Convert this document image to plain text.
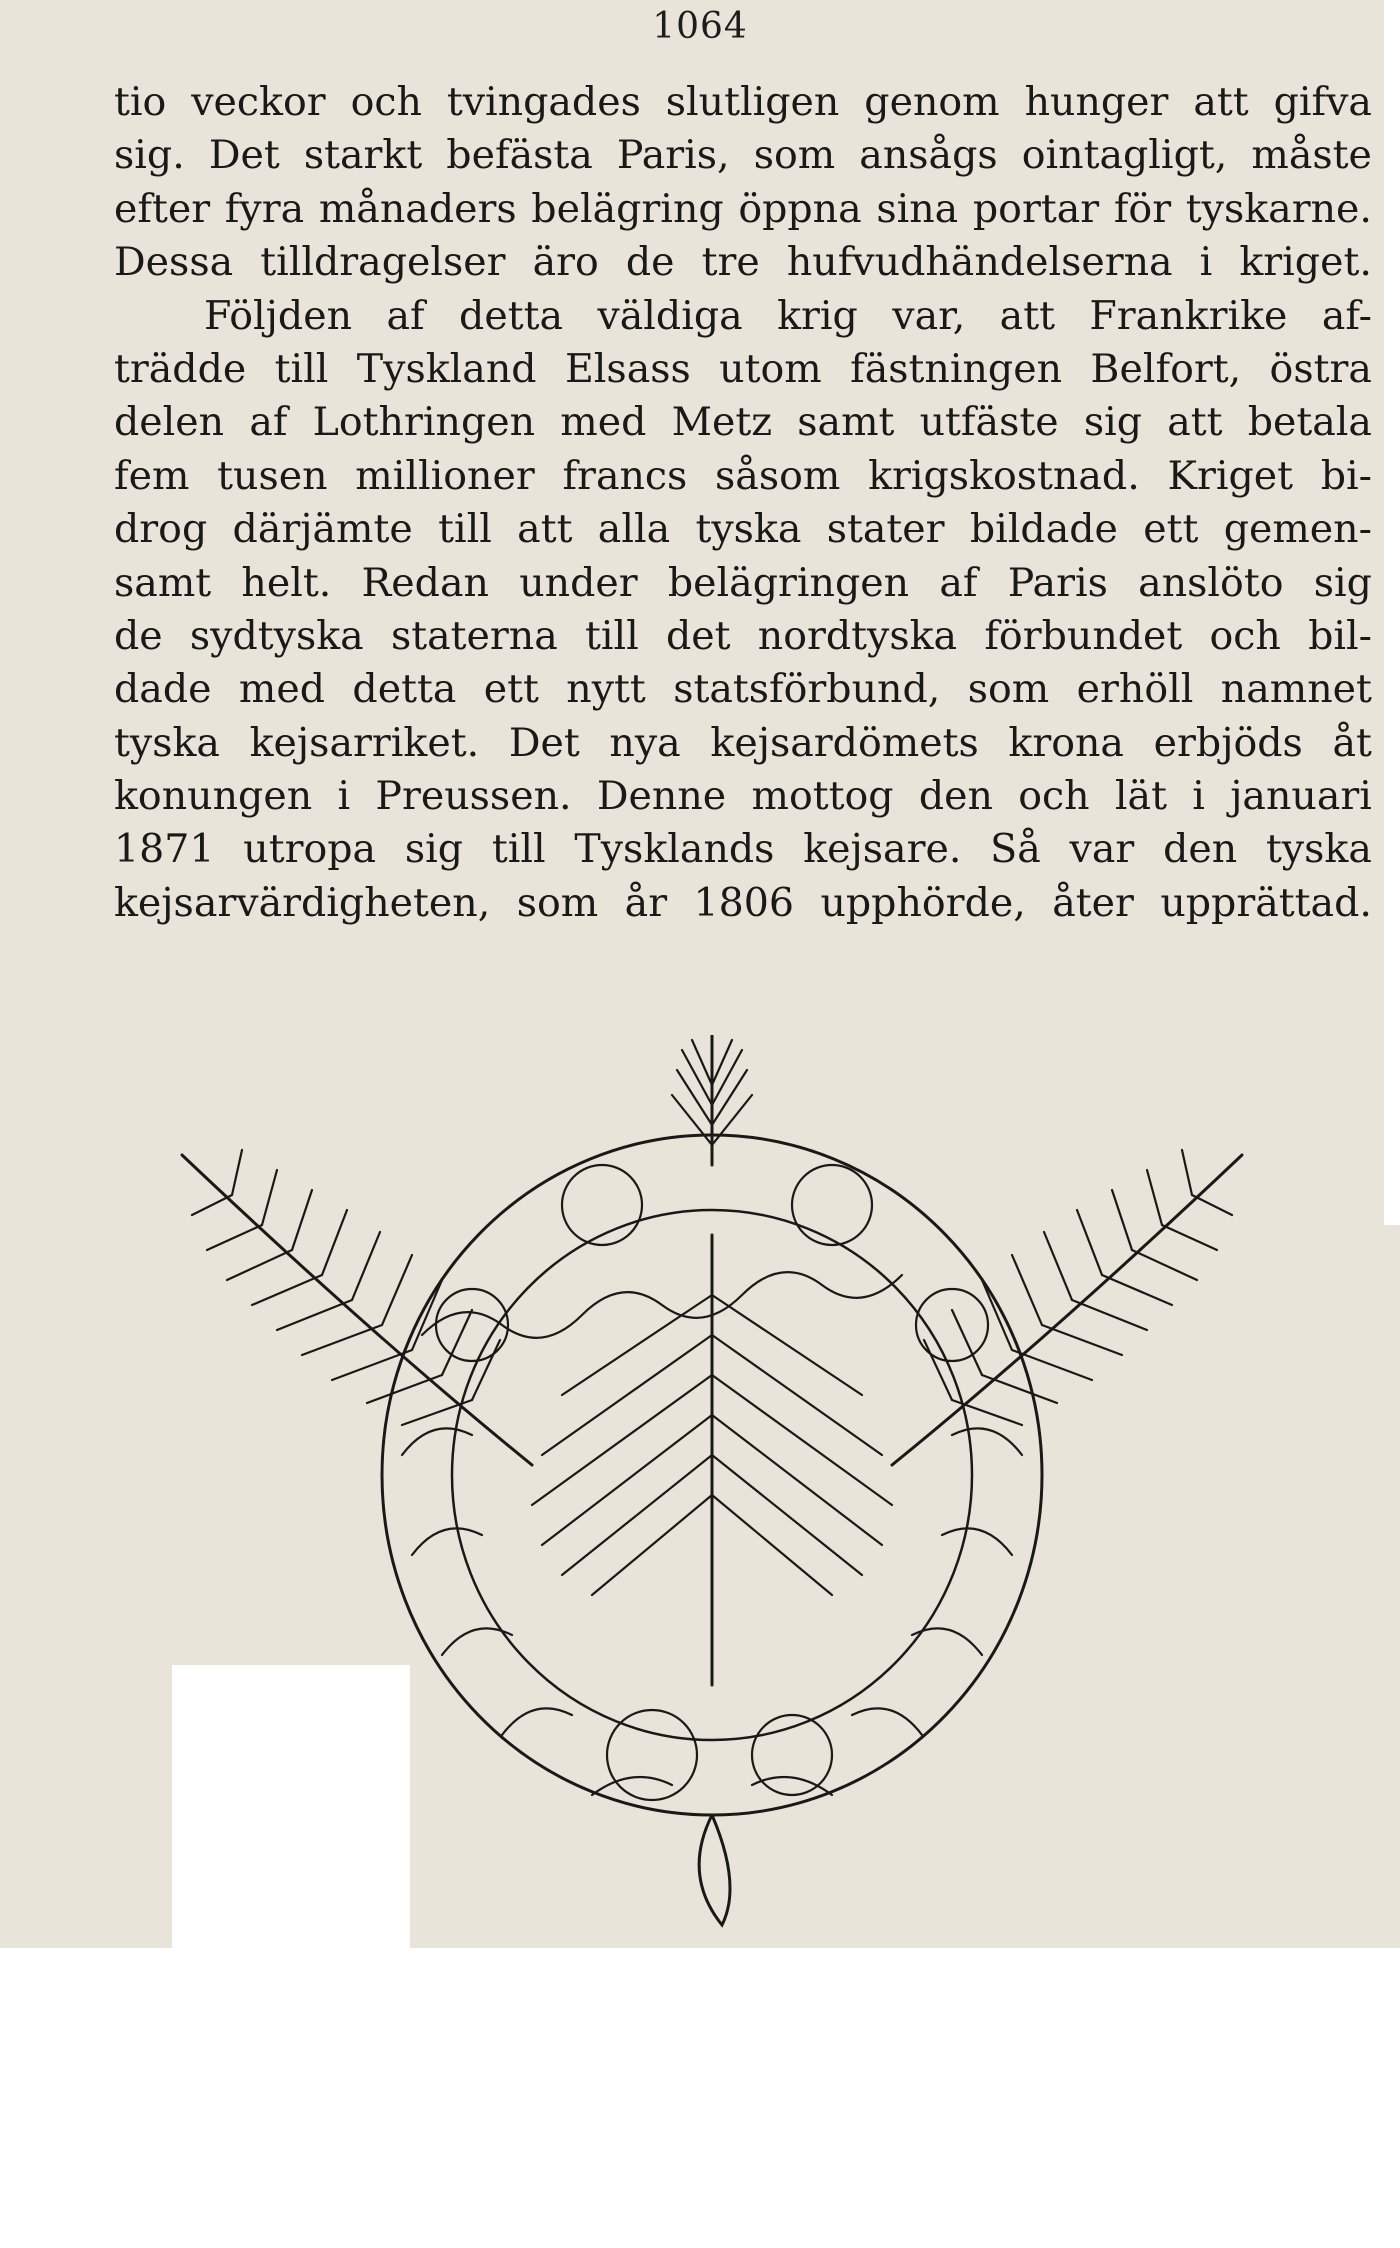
1064
tio veckor och tvingades slutligen genom hunger att gifva
sig. Det starkt befästa Paris, som ansågs ointagligt, måste
efter fyra månaders belägring öppna sina portar för tyskarne.
Dessa tilldragelser äro de tre hufvudhändelserna i kriget.
Följden af detta väldiga krig var, att Frankrike af-
trädde till Tyskland Elsass utom fästningen Belfort, östra
delen af Lothringen med Metz samt utfäste sig att betala
fem tusen millioner francs såsom krigskostnad. Kriget bi-
drog därjämte till att alla tyska stater bildade ett gemen-
samt helt. Redan under belägringen af Paris anslöto sig
de sydtyska staterna till det nordtyska förbundet och bil-
dade med detta ett nytt statsförbund, som erhöll namnet
tyska kejsarriket. Det nya kejsardömets krona erbjöds åt
konungen i Preussen. Denne mottog den och lät i januari
1871 utropa sig till Tysklands kejsare. Så var den tyska
kejsarvärdigheten, som år 1806 upphörde, åter upprättad.
